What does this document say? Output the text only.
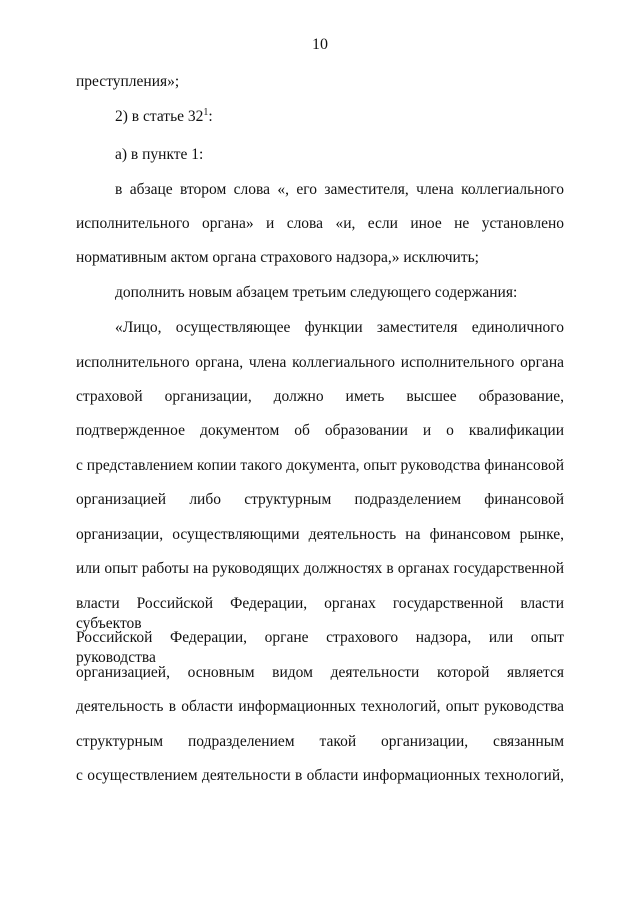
10
преступления»;
2) в статье $32^1$:
а) в пункте 1:
в абзаце втором слова «, его заместителя, члена коллегиального
исполнительного органа» и слова «и, если иное не установлено
нормативным актом органа страхового надзора,» исключить;
дополнить новым абзацем третьим следующего содержания:
«Лицо, осуществляющее функции заместителя единоличного
исполнительного органа, члена коллегиального исполнительного органа
страховой организации, должно иметь высшее образование,
подтвержденное документом об образовании и о квалификации
с представлением копии такого документа, опыт руководства финансовой
организацией либо структурным подразделением финансовой
организации, осуществляющими деятельность на финансовом рынке,
или опыт работы на руководящих должностях в органах государственной
власти Российской Федерации, органах государственной власти субъектов
Российской Федерации, органе страхового надзора, или опыт руководства
организацией, основным видом деятельности которой является
деятельность в области информационных технологий, опыт руководства
структурным подразделением такой организации, связанным
с осуществлением деятельности в области информационных технологий,
